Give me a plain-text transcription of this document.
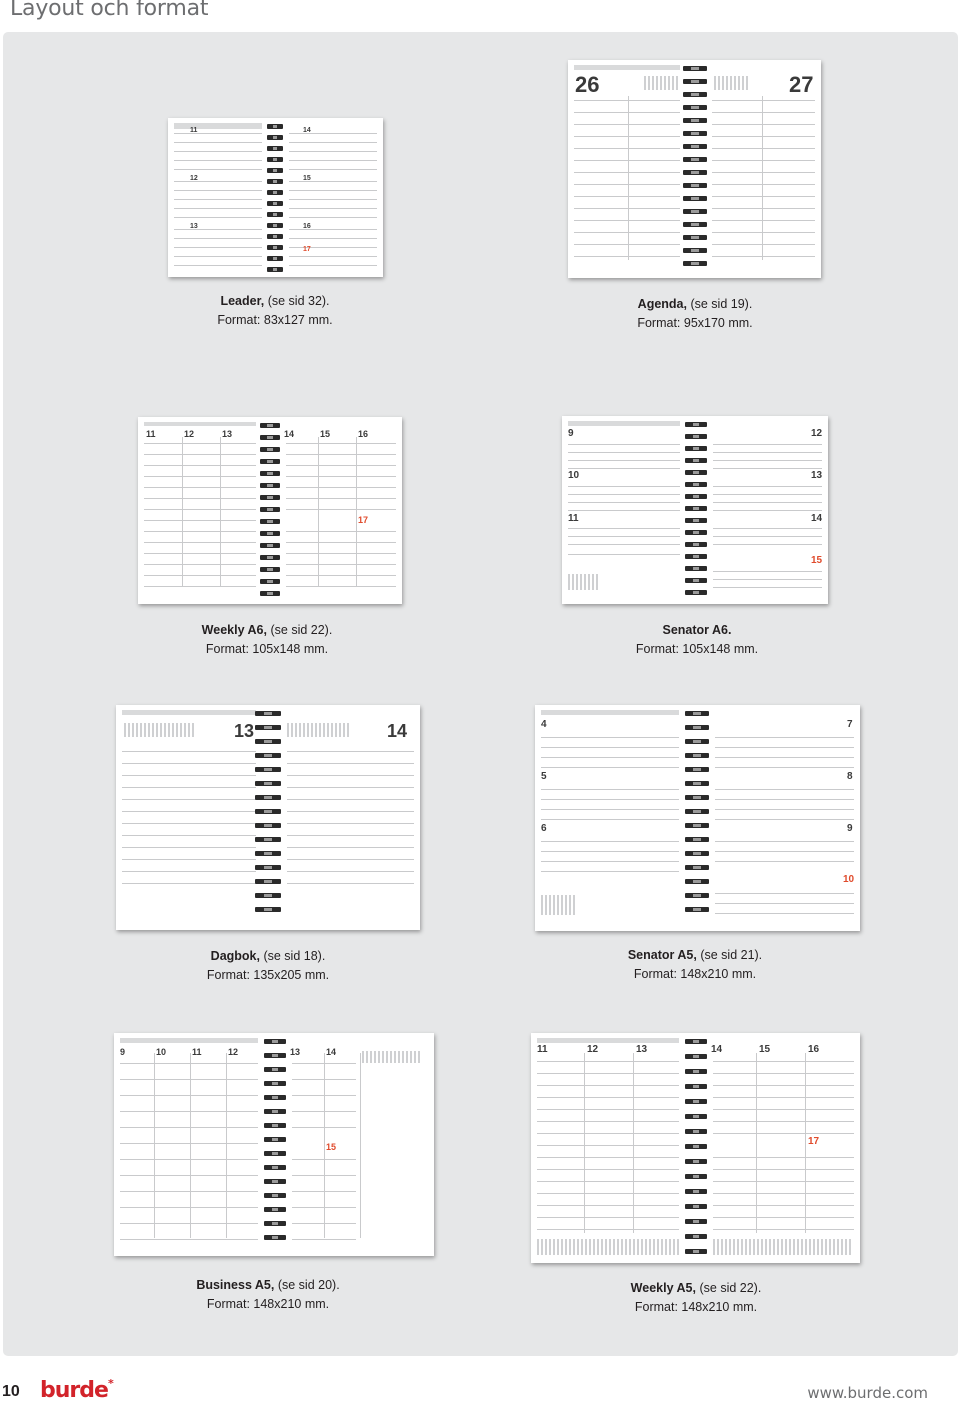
Layout och format
11
12
13
14
15
16
17
Leader, (se sid 32).
Format: 83x127 mm.
26	27
Agenda, (se sid 19).
Format: 95x170 mm.
11	12	13	14	15	16
17
Weekly A6, (se sid 22).
Format: 105x148 mm.
9
10
11
12
13
14
15
Senator A6.
Format: 105x148 mm.
13	14
Dagbok, (se sid 18).
Format: 135x205 mm.
4
5
6
7
8
9
10
Senator A5, (se sid 21).
Format: 148x210 mm.
9	10	11	12	13	14
15
Business A5, (se sid 20).
Format: 148x210 mm.
11	12	13	14	15	16
17
Weekly A5, (se sid 22).
Format: 148x210 mm.
10 burde*
www.burde.com
